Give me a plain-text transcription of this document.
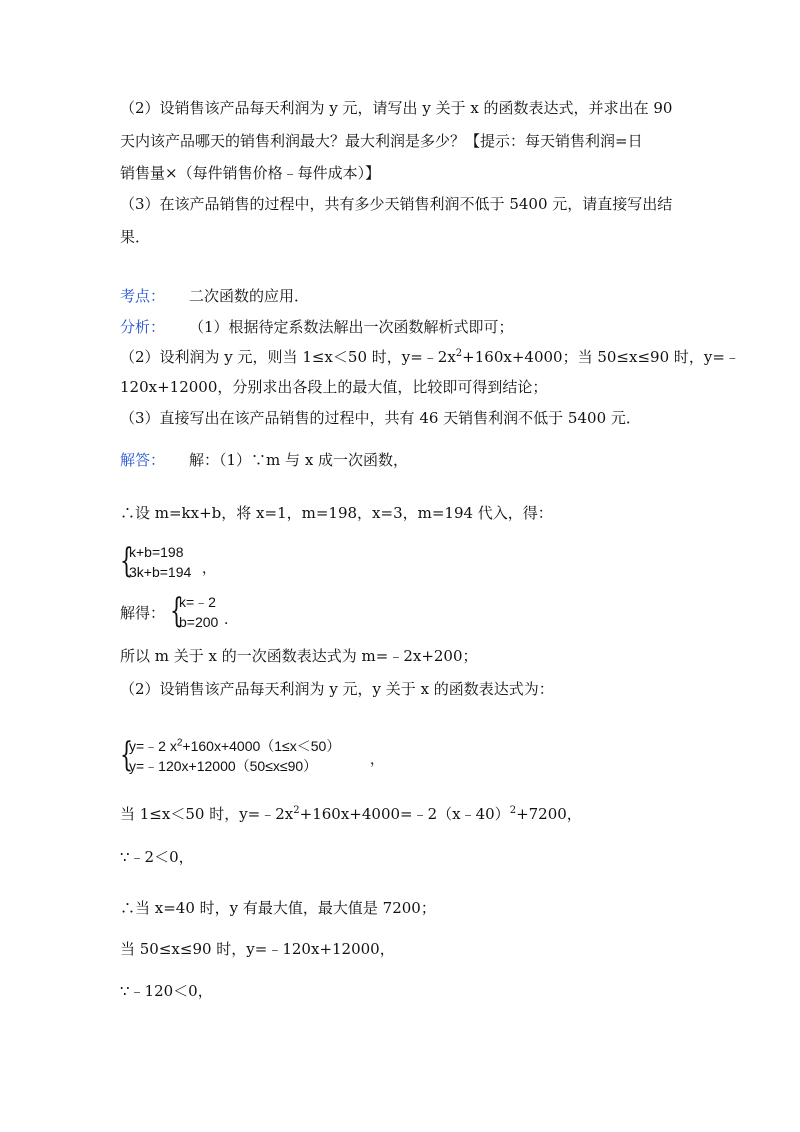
（2）设销售该产品每天利润为 y 元，请写出 y 关于 x 的函数表达式，并求出在 90
天内该产品哪天的销售利润最大？最大利润是多少？【提示：每天销售利润=日
销售量×（每件销售价格﹣每件成本）】
（3）在该产品销售的过程中，共有多少天销售利润不低于 5400 元，请直接写出结
果．
考点： 二次函数的应用．
分析： （1）根据待定系数法解出一次函数解析式即可；
（2）设利润为 y 元，则当 1≤x＜50 时，$y=﹣2x^2+160x+4000$；当 50≤x≤90 时，y=﹣
120x+12000，分别求出各段上的最大值，比较即可得到结论；
（3）直接写出在该产品销售的过程中，共有 46 天销售利润不低于 5400 元．
解答： 解：（1）∵m 与 x 成一次函数，
∴设 m=kx+b，将 x=1，m=198，x=3，m=194 代入，得：
{
k+b=198
3k+b=194 ，
解得： {
k=﹣2
b=200 ．
所以 m 关于 x 的一次函数表达式为 m=﹣2x+200；
（2）设销售该产品每天利润为 y 元，y 关于 x 的函数表达式为：
{
y=﹣2 $x^2+160x+4000(1\le x<50)$
y=﹣120x+12000（50≤x≤90）	，
当 1≤x＜50 时，$y=﹣2x^2+160x+4000=﹣2(x﹣40)^2+7200$，
∵﹣2＜0，
∴当 x=40 时，y 有最大值，最大值是 7200；
当 50≤x≤90 时，y=﹣120x+12000，
∵﹣120＜0，
